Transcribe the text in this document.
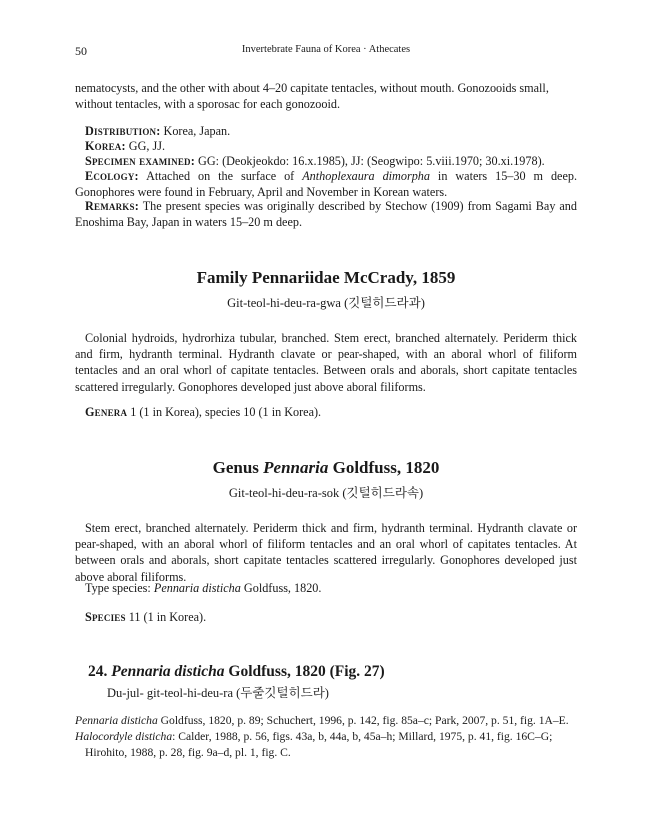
50	Invertebrate Fauna of Korea · Athecates

nematocysts, and the other with about 4–20 capitate tentacles, without mouth. Gonozooids small,
without tentacles, with a sporosac for each gonozooid.

Distribution: Korea, Japan.

Korea: GG, JJ.

Specimen examined: GG: (Deokjeokdo: 16.x.1985), JJ: (Seogwipo: 5.viii.1970; 30.xi.1978).

Ecology: Attached on the surface of Anthoplexaura dimorpha in waters 15–30 m deep. Gonophores were found in February, April and November in Korean waters.

Remarks: The present species was originally described by Stechow (1909) from Sagami Bay and Enoshima Bay, Japan in waters 15–20 m deep.

Family Pennariidae McCrady, 1859

Git-teol-hi-deu-ra-gwa (깃털히드라과)

Colonial hydroids, hydrorhiza tubular, branched. Stem erect, branched alternately. Periderm thick and firm, hydranth terminal. Hydranth clavate or pear-shaped, with an aboral whorl of filiform tentacles and an oral whorl of capitate tentacles. Between orals and aborals, short capitate tentacles scattered irregularly. Gonophores developed just above aboral filiforms.

Genera 1 (1 in Korea), species 10 (1 in Korea).

Genus Pennaria Goldfuss, 1820

Git-teol-hi-deu-ra-sok (깃털히드라속)

Stem erect, branched alternately. Periderm thick and firm, hydranth terminal. Hydranth clavate or pear-shaped, with an aboral whorl of filiform tentacles and an oral whorl of capitates tentacles. At between orals and aborals, short capitate tentacles scattered irregularly. Gonophores developed just above aboral filiforms.

Type species: Pennaria disticha Goldfuss, 1820.

Species 11 (1 in Korea).

24. Pennaria disticha Goldfuss, 1820 (Fig. 27)

Du-jul- git-teol-hi-deu-ra (두줄깃털히드라)

Pennaria disticha Goldfuss, 1820, p. 89; Schuchert, 1996, p. 142, fig. 85a–c; Park, 2007, p. 51, fig. 1A–E.
Halocordyle disticha: Calder, 1988, p. 56, figs. 43a, b, 44a, b, 45a–h; Millard, 1975, p. 41, fig. 16C–G;
Hirohito, 1988, p. 28, fig. 9a–d, pl. 1, fig. C.
